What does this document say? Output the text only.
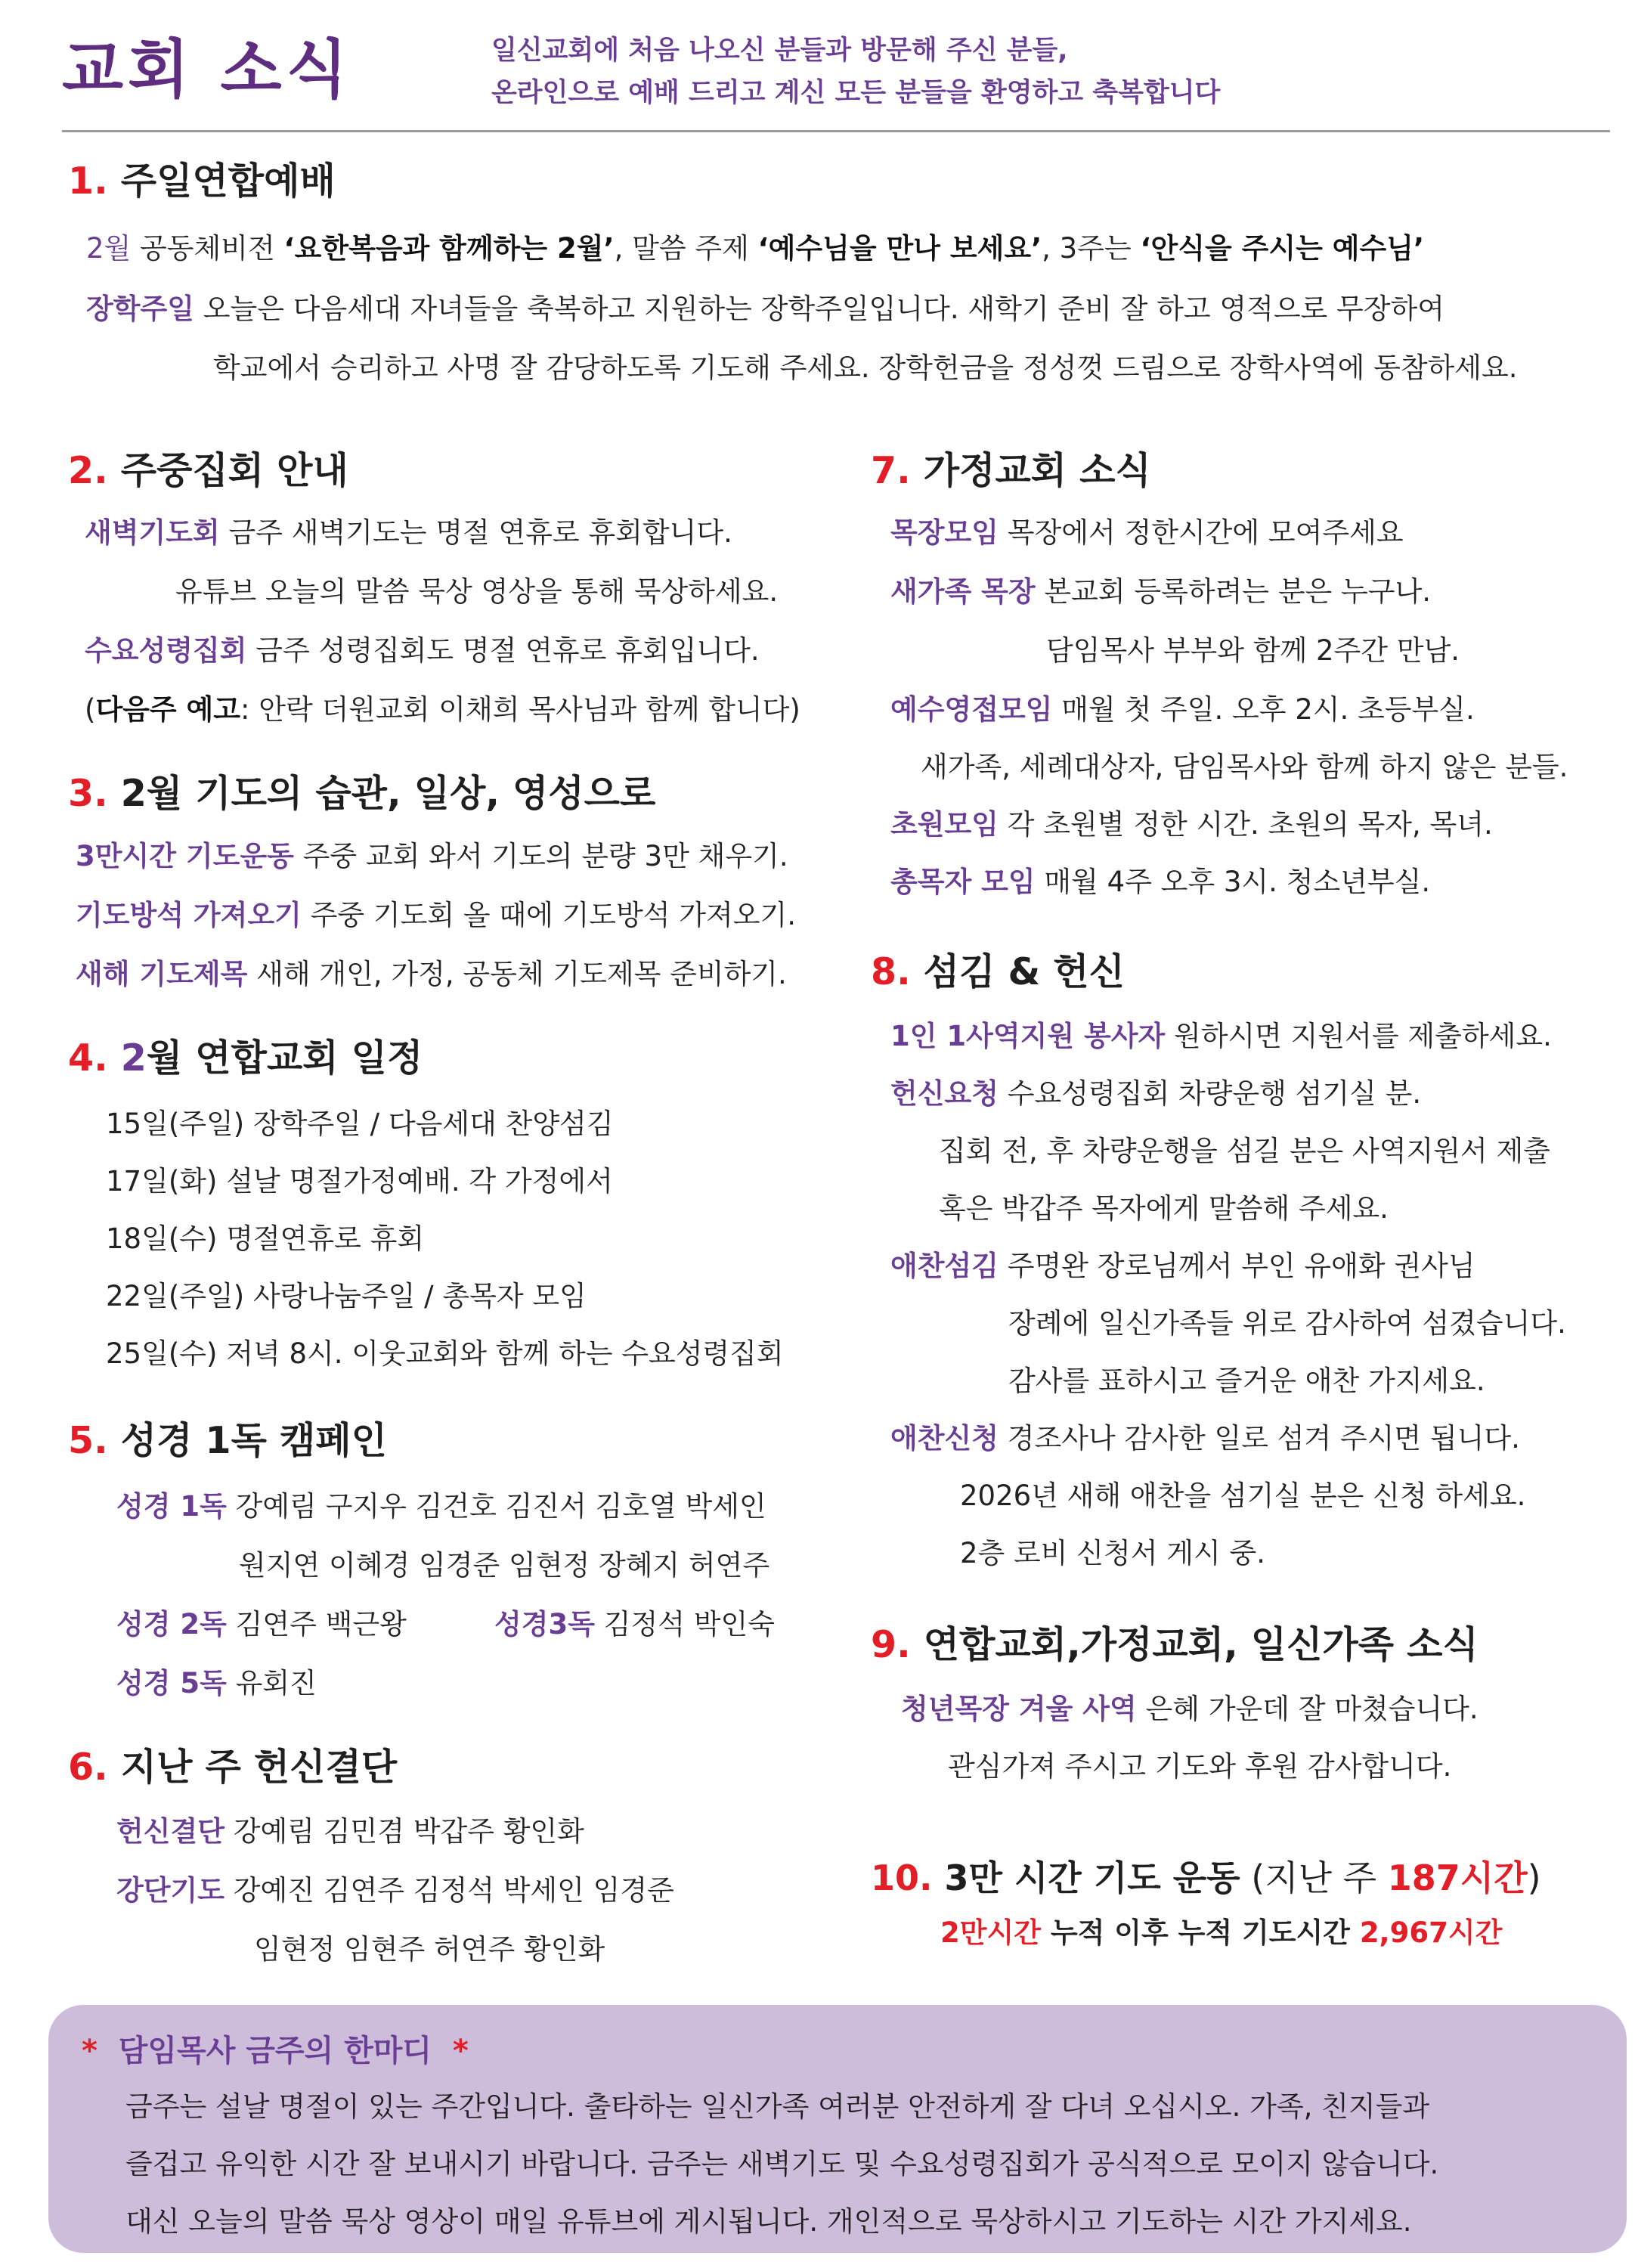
교회 소식	일신교회에 처음 나오신 분들과 방문해 주신 분들,
온라인으로 예배 드리고 계신 모든 분들을 환영하고 축복합니다
1. 주일연합예배
2월 공동체비전 ‘요한복음과 함께하는 2월’, 말씀 주제 ‘예수님을 만나 보세요’, 3주는 ‘안식을 주시는 예수님’
장학주일 오늘은 다음세대 자녀들을 축복하고 지원하는 장학주일입니다. 새학기 준비 잘 하고 영적으로 무장하여
학교에서 승리하고 사명 잘 감당하도록 기도해 주세요. 장학헌금을 정성껏 드림으로 장학사역에 동참하세요.
2. 주중집회 안내
새벽기도회 금주 새벽기도는 명절 연휴로 휴회합니다.
유튜브 오늘의 말씀 묵상 영상을 통해 묵상하세요.
수요성령집회 금주 성령집회도 명절 연휴로 휴회입니다.
(다음주 예고: 안락 더원교회 이채희 목사님과 함께 합니다)
3. 2월 기도의 습관, 일상, 영성으로
3만시간 기도운동 주중 교회 와서 기도의 분량 3만 채우기.
기도방석 가져오기 주중 기도회 올 때에 기도방석 가져오기.
새해 기도제목 새해 개인, 가정, 공동체 기도제목 준비하기.
4. 2월 연합교회 일정
15일(주일) 장학주일 / 다음세대 찬양섬김
17일(화) 설날 명절가정예배. 각 가정에서
18일(수) 명절연휴로 휴회
22일(주일) 사랑나눔주일 / 총목자 모임
25일(수) 저녁 8시. 이웃교회와 함께 하는 수요성령집회
5. 성경 1독 캠페인
성경 1독 강예림 구지우 김건호 김진서 김호열 박세인
원지연 이혜경 임경준 임현정 장혜지 허연주
성경 2독 김연주 백근왕	성경3독 김정석 박인숙
성경 5독 유회진
6. 지난 주 헌신결단
헌신결단 강예림 김민겸 박갑주 황인화
강단기도 강예진 김연주 김정석 박세인 임경준
임현정 임현주 허연주 황인화
7. 가정교회 소식
목장모임 목장에서 정한시간에 모여주세요
새가족 목장 본교회 등록하려는 분은 누구나.
담임목사 부부와 함께 2주간 만남.
예수영접모임 매월 첫 주일. 오후 2시. 초등부실.
새가족, 세례대상자, 담임목사와 함께 하지 않은 분들.
초원모임 각 초원별 정한 시간. 초원의 목자, 목녀.
총목자 모임 매월 4주 오후 3시. 청소년부실.
8. 섬김 & 헌신
1인 1사역지원 봉사자 원하시면 지원서를 제출하세요.
헌신요청 수요성령집회 차량운행 섬기실 분.
집회 전, 후 차량운행을 섬길 분은 사역지원서 제출
혹은 박갑주 목자에게 말씀해 주세요.
애찬섬김 주명완 장로님께서 부인 유애화 권사님
장례에 일신가족들 위로 감사하여 섬겼습니다.
감사를 표하시고 즐거운 애찬 가지세요.
애찬신청 경조사나 감사한 일로 섬겨 주시면 됩니다.
2026년 새해 애찬을 섬기실 분은 신청 하세요.
2층 로비 신청서 게시 중.
9. 연합교회,가정교회, 일신가족 소식
청년목장 겨울 사역 은혜 가운데 잘 마쳤습니다.
관심가져 주시고 기도와 후원 감사합니다.
10. 3만 시간 기도 운동 (지난 주 187시간)
2만시간 누적 이후 누적 기도시간 2,967시간
* 담임목사 금주의 한마디 *
금주는 설날 명절이 있는 주간입니다. 출타하는 일신가족 여러분 안전하게 잘 다녀 오십시오. 가족, 친지들과
즐겁고 유익한 시간 잘 보내시기 바랍니다. 금주는 새벽기도 및 수요성령집회가 공식적으로 모이지 않습니다.
대신 오늘의 말씀 묵상 영상이 매일 유튜브에 게시됩니다. 개인적으로 묵상하시고 기도하는 시간 가지세요.
